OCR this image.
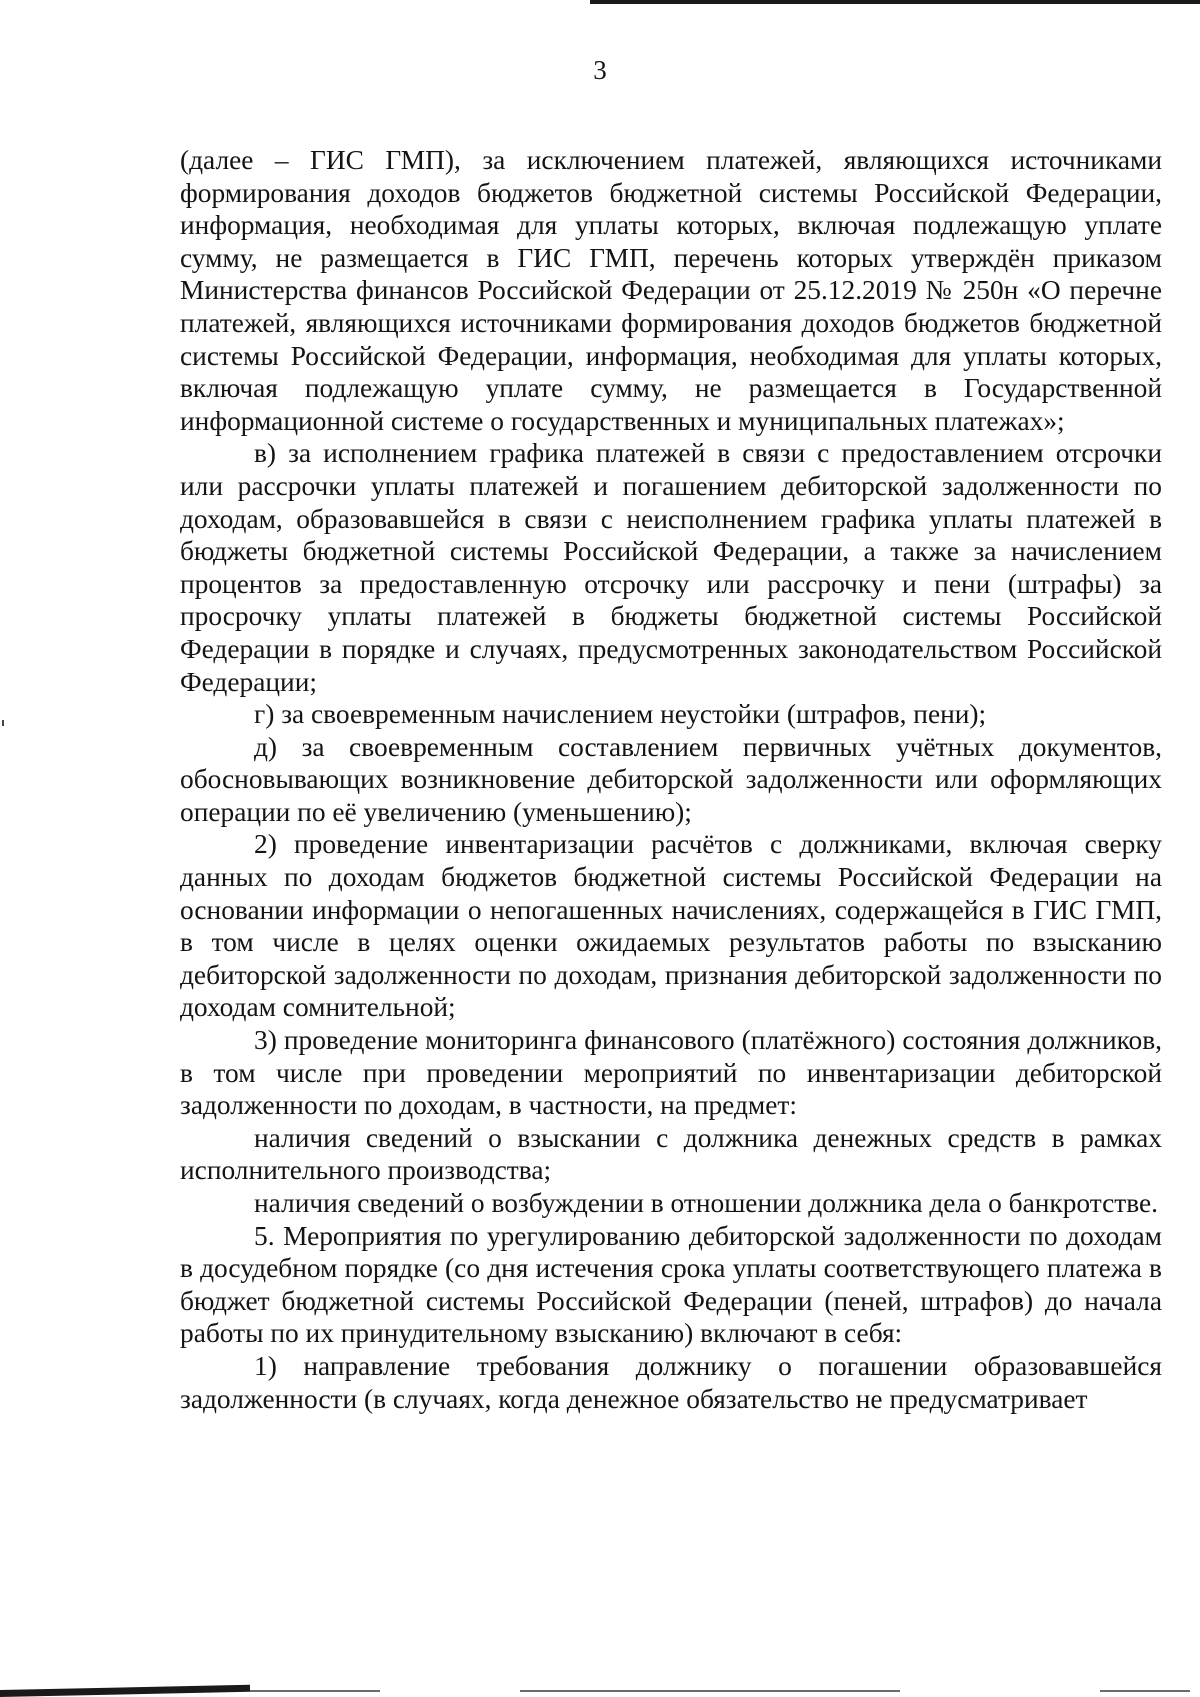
3

(далее – ГИС ГМП), за исключением платежей, являющихся источниками формирования доходов бюджетов бюджетной системы Российской Федерации, информация, необходимая для уплаты которых, включая подлежащую уплате сумму, не размещается в ГИС ГМП, перечень которых утверждён приказом Министерства финансов Российской Федерации от 25.12.2019 № 250н «О перечне платежей, являющихся источниками формирования доходов бюджетов бюджетной системы Российской Федерации, информация, необходимая для уплаты которых, включая подлежащую уплате сумму, не размещается в Государственной информационной системе о государственных и муниципальных платежах»;

в) за исполнением графика платежей в связи с предоставлением отсрочки или рассрочки уплаты платежей и погашением дебиторской задолженности по доходам, образовавшейся в связи с неисполнением графика уплаты платежей в бюджеты бюджетной системы Российской Федерации, а также за начислением процентов за предоставленную отсрочку или рассрочку и пени (штрафы) за просрочку уплаты платежей в бюджеты бюджетной системы Российской Федерации в порядке и случаях, предусмотренных законодательством Российской Федерации;

г) за своевременным начислением неустойки (штрафов, пени);

д) за своевременным составлением первичных учётных документов, обосновывающих возникновение дебиторской задолженности или оформляющих операции по её увеличению (уменьшению);

2) проведение инвентаризации расчётов с должниками, включая сверку данных по доходам бюджетов бюджетной системы Российской Федерации на основании информации о непогашенных начислениях, содержащейся в ГИС ГМП, в том числе в целях оценки ожидаемых результатов работы по взысканию дебиторской задолженности по доходам, признания дебиторской задолженности по доходам сомнительной;

3) проведение мониторинга финансового (платёжного) состояния должников, в том числе при проведении мероприятий по инвентаризации дебиторской задолженности по доходам, в частности, на предмет:

наличия сведений о взыскании с должника денежных средств в рамках исполнительного производства;

наличия сведений о возбуждении в отношении должника дела о банкротстве.

5. Мероприятия по урегулированию дебиторской задолженности по доходам в досудебном порядке (со дня истечения срока уплаты соответствующего платежа в бюджет бюджетной системы Российской Федерации (пеней, штрафов) до начала работы по их принудительному взысканию) включают в себя:

1) направление требования должнику о погашении образовавшейся задолженности (в случаях, когда денежное обязательство не предусматривает
